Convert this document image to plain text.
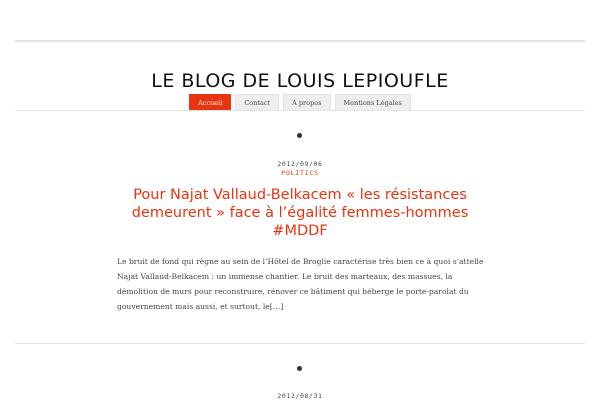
LE BLOG DE LOUIS LEPIOUFLE
Accueil	Contact	À propos	Mentions Légales
2012/09/06
POLITICS
Pour Najat Vallaud-Belkacem « les résistances demeurent » face à l’égalité femmes-hommes #MDDF
Le bruit de fond qui règne au sein de l’Hôtel de Broglie caractérise très bien ce à quoi s’attelle Najat Vallaud-Belkacem : un immense chantier. Le bruit des marteaux, des massues, la démolition de murs pour reconstruire, rénover ce bâtiment qui héberge le porte-parolat du gouvernement mais aussi, et surtout, le[…]
2012/08/31
